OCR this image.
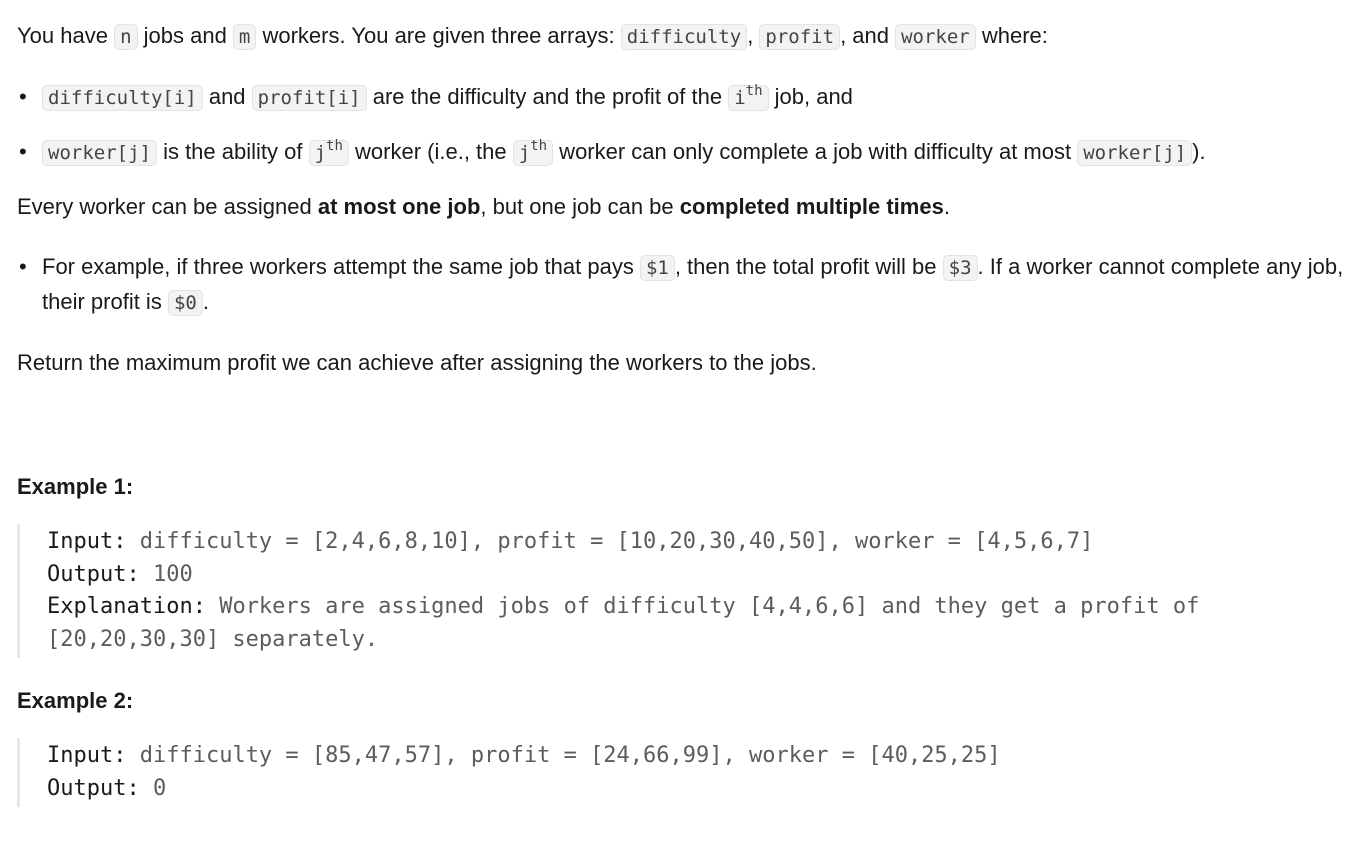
You have n jobs and m workers. You are given three arrays: difficulty , profit , and worker where:

• difficulty[i] and profit[i] are the difficulty and the profit of the $i^{th}$ job, and
• worker[j] is the ability of $j^{th}$ worker (i.e., the $j^{th}$ worker can only complete a job with difficulty at most worker[j] ).

Every worker can be assigned at most one job, but one job can be completed multiple times.

• For example, if three workers attempt the same job that pays $1 , then the total profit will be $3 . If a worker cannot complete any job, their profit is $0 .

Return the maximum profit we can achieve after assigning the workers to the jobs.

Example 1:
Input: difficulty = [2,4,6,8,10], profit = [10,20,30,40,50], worker = [4,5,6,7]
Output: 100
Explanation: Workers are assigned jobs of difficulty [4,4,6,6] and they get a profit of [20,20,30,30] separately.
Example 2:
Input: difficulty = [85,47,57], profit = [24,66,99], worker = [40,25,25]
Output: 0
